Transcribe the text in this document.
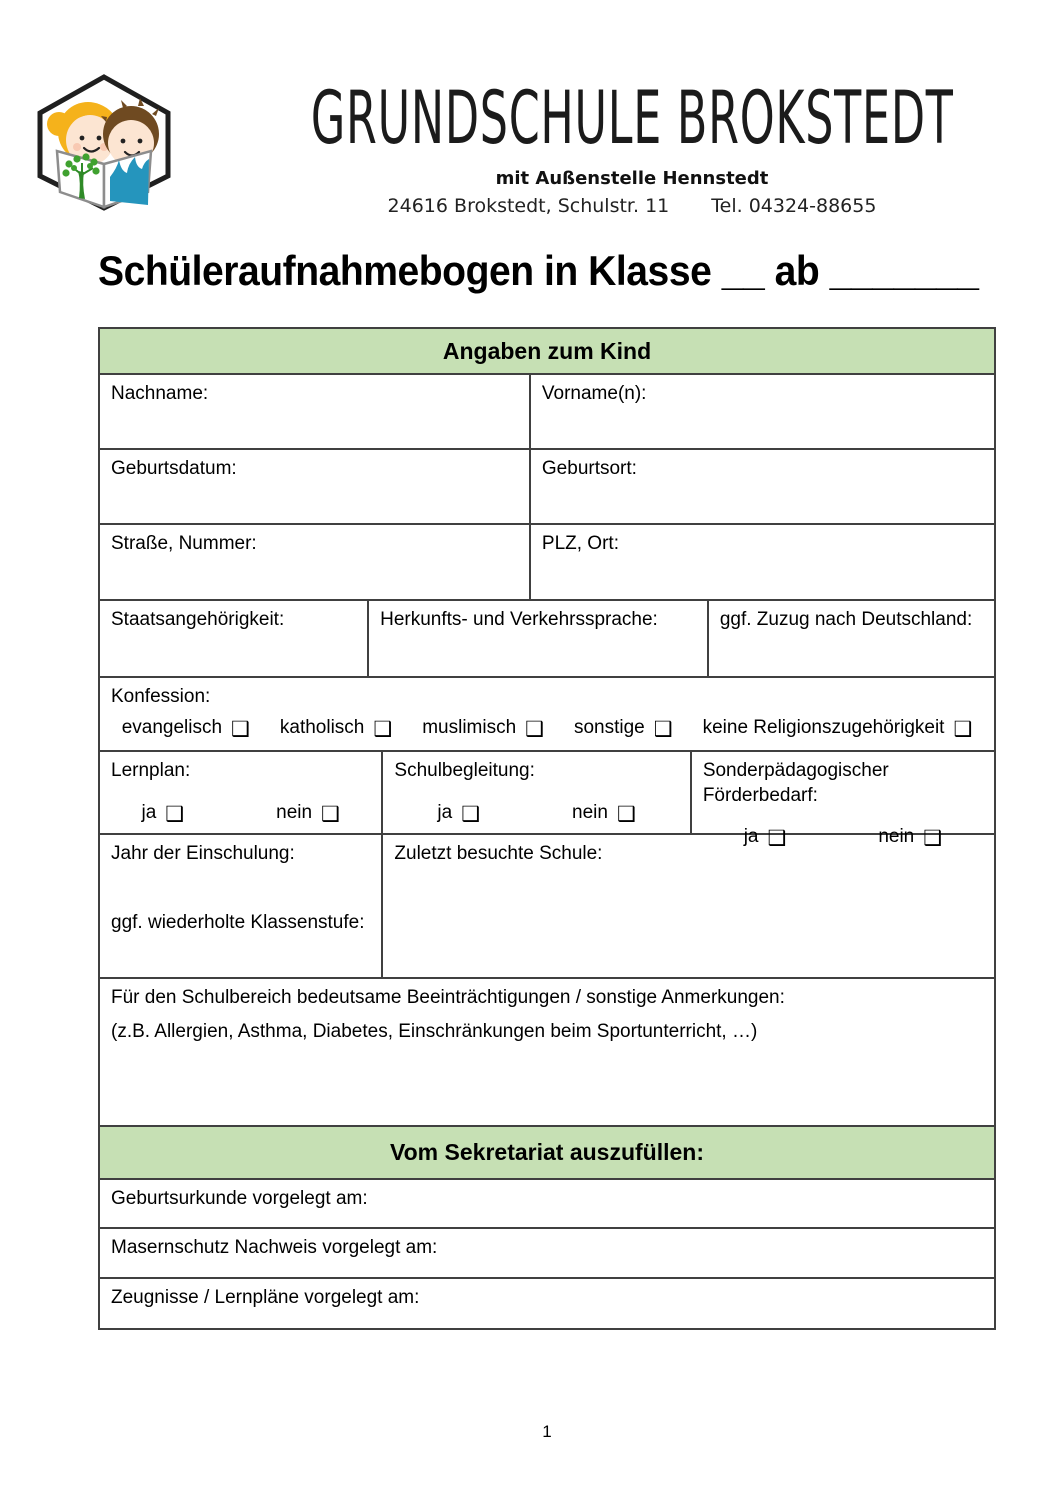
GRUNDSCHULE BROKSTEDT
mit Außenstelle Hennstedt
24616 Brokstedt, Schulstr. 11 Tel. 04324-88655
Schüleraufnahmebogen in Klasse __ ab _______
Angaben zum Kind
Nachname:	Vorname(n):
Geburtsdatum:	Geburtsort:
Straße, Nummer:	PLZ, Ort:
Staatsangehörigkeit:	Herkunfts- und Verkehrssprache:	ggf. Zuzug nach Deutschland:
Konfession:
evangelisch ❑ katholisch ❑ muslimisch ❑ sonstige ❑ keine Religionszugehörigkeit ❑
Lernplan:
ja ❑	nein ❑
Schulbegleitung:
ja ❑	nein ❑
Sonderpädagogischer Förderbedarf:
ja ❑	nein ❑
Jahr der Einschulung:
ggf. wiederholte Klassenstufe:
Zuletzt besuchte Schule:
Für den Schulbereich bedeutsame Beeinträchtigungen / sonstige Anmerkungen:
(z.B. Allergien, Asthma, Diabetes, Einschränkungen beim Sportunterricht, …)
Vom Sekretariat auszufüllen:
Geburtsurkunde vorgelegt am:
Masernschutz Nachweis vorgelegt am:
Zeugnisse / Lernpläne vorgelegt am:
1
